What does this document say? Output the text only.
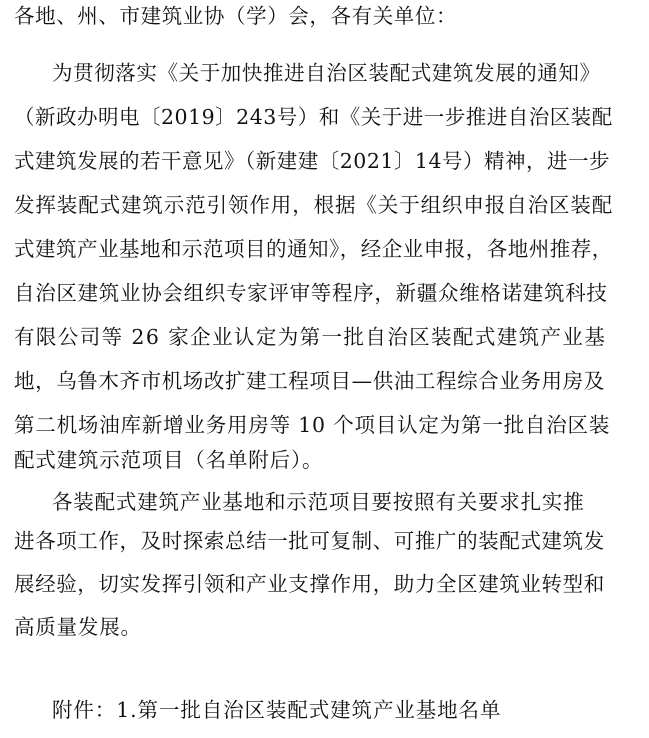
各地、州、市建筑业协（学）会，各有关单位：
为贯彻落实《关于加快推进自治区装配式建筑发展的通知》
（新政办明电〔2019〕243号）和《关于进一步推进自治区装配
式建筑发展的若干意见》（新建建〔2021〕14号）精神，进一步
发挥装配式建筑示范引领作用，根据《关于组织申报自治区装配
式建筑产业基地和示范项目的通知》，经企业申报，各地州推荐，
自治区建筑业协会组织专家评审等程序，新疆众维格诺建筑科技
有限公司等 26 家企业认定为第一批自治区装配式建筑产业基
地，乌鲁木齐市机场改扩建工程项目—供油工程综合业务用房及
第二机场油库新增业务用房等 10 个项目认定为第一批自治区装
配式建筑示范项目（名单附后）。
各装配式建筑产业基地和示范项目要按照有关要求扎实推
进各项工作，及时探索总结一批可复制、可推广的装配式建筑发
展经验，切实发挥引领和产业支撑作用，助力全区建筑业转型和
高质量发展。
附件：1.第一批自治区装配式建筑产业基地名单
